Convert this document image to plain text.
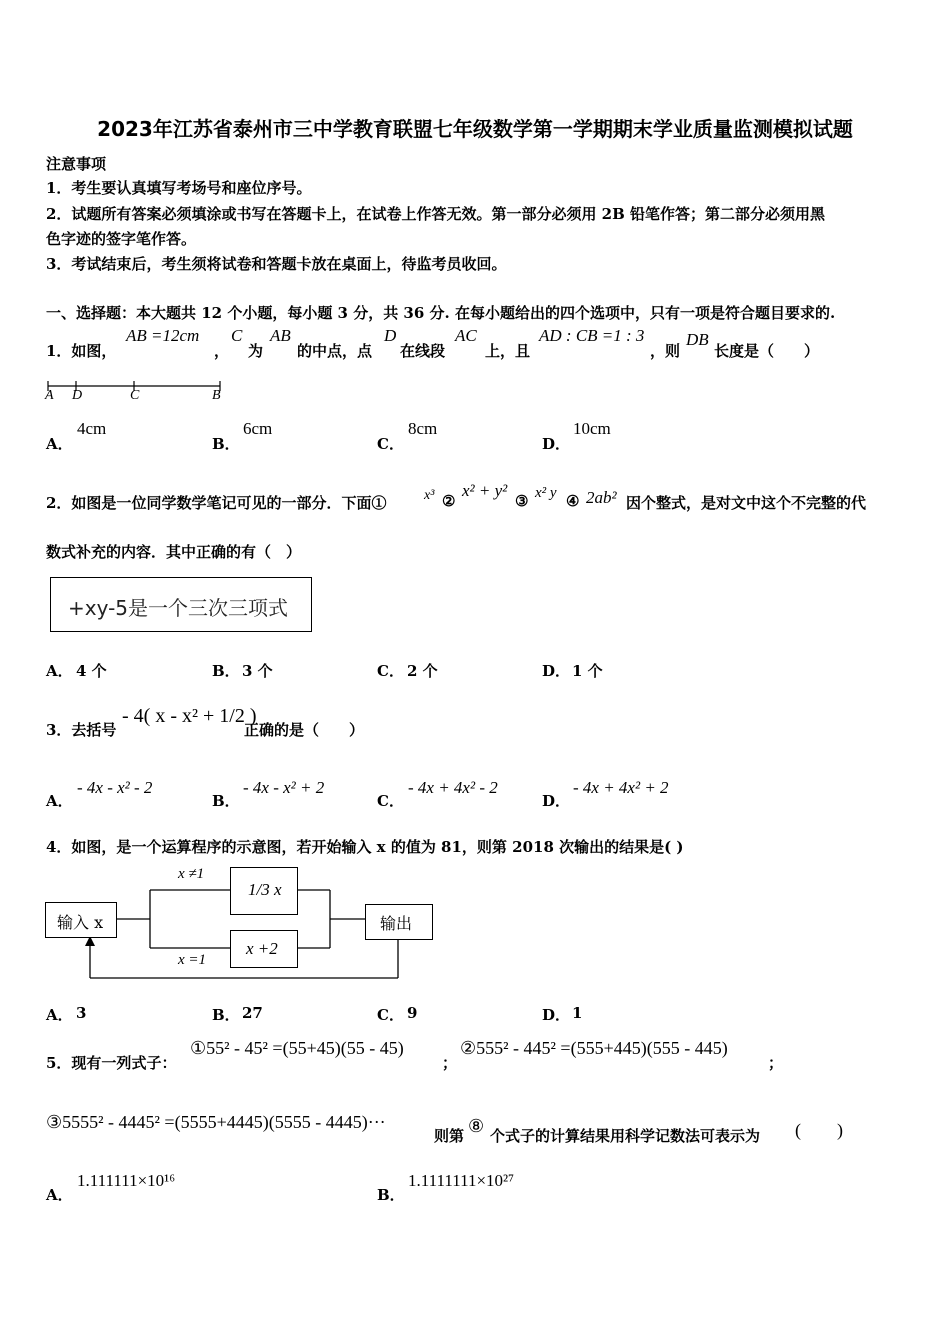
2023年江苏省泰州市三中学教育联盟七年级数学第一学期期末学业质量监测模拟试题
注意事项
1．考生要认真填写考场号和座位序号。
2．试题所有答案必须填涂或书写在答题卡上，在试卷上作答无效。第一部分必须用 2B 铅笔作答；第二部分必须用黑
色字迹的签字笔作答。
3．考试结束后，考生须将试卷和答题卡放在桌面上，待监考员收回。
一、选择题：本大题共 12 个小题，每小题 3 分，共 36 分. 在每小题给出的四个选项中，只有一项是符合题目要求的.
1．如图，
AB =12cm
，
C
为
AB
的中点，点
D
在线段
AC
上，且
AD : CB =1 : 3
，则
DB
长度是（　　）
A D	C	B
A．
4cm
B．
6cm
C．
8cm
D．
10cm
2．如图是一位同学数学笔记可见的一部分．下面①	x³ ②
x² + y²
③ x² y ④ 2ab² 因个整式，是对文中这个不完整的代
数式补充的内容．其中正确的有（　）
+xy-5是一个三次三项式
A． 4 个	B． 3 个	C． 2 个	D． 1 个
3．去括号
- 4( x - x² + 1/2 )
正确的是（　　）
A．
- 4x - x² - 2
B．
- 4x - x² + 2
C．
- 4x + 4x² - 2
D．
- 4x + 4x² + 2
4．如图，是一个运算程序的示意图，若开始输入 x 的值为 81，则第 2018 次输出的结果是( )
输入 x
1/3 x
x +2
输出
x ≠1
x =1
A． 3	B． 27	C． 9	D． 1
5．现有一列式子：
①55² - 45² =(55+45)(55 - 45)
；
②555² - 445² =(555+445)(555 - 445)
；
③5555² - 4445² =(5555+4445)(5555 - 4445)···
则第 ⑧ 个式子的计算结果用科学记数法可表示为 (　　)
A．
1.111111×10¹⁶
B．
1.1111111×10²⁷
